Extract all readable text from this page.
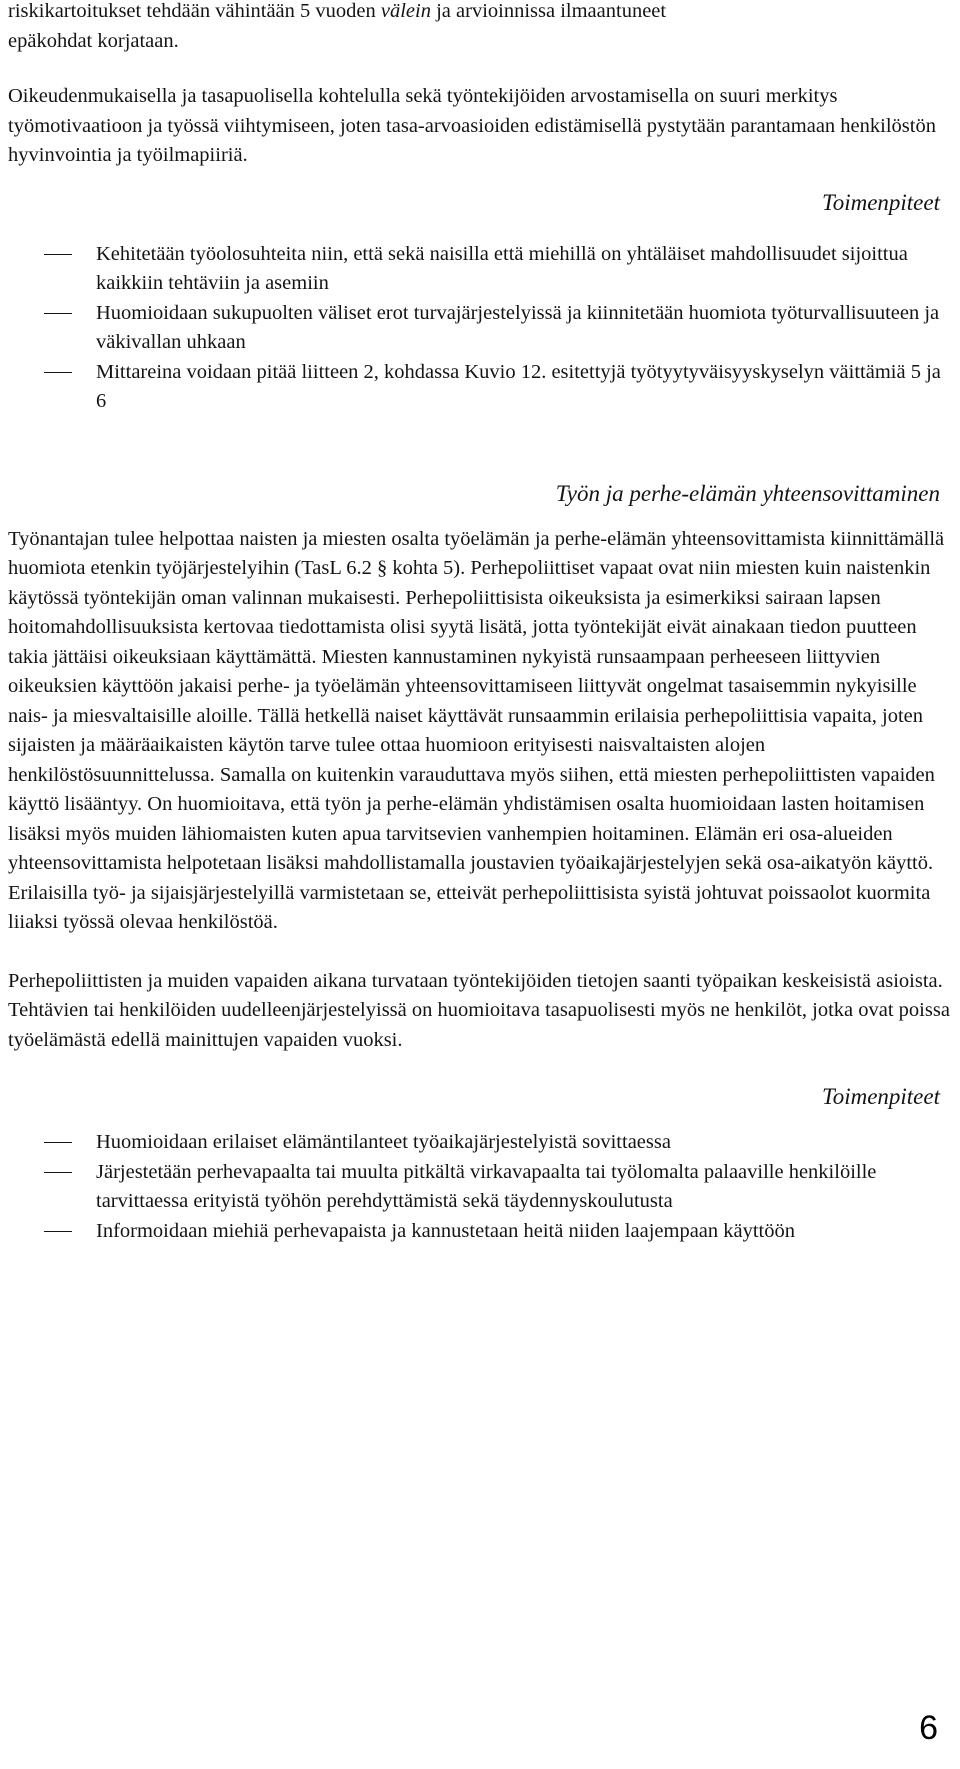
riskikartoitukset tehdään vähintään 5 vuoden välein ja arvioinnissa ilmaantuneet
epäkohdat korjataan.

Oikeudenmukaisella ja tasapuolisella kohtelulla sekä työntekijöiden arvostamisella on suuri merkitys työmotivaatioon ja työssä viihtymiseen, joten tasa-arvoasioiden edistämisellä pystytään parantamaan henkilöstön hyvinvointia ja työilmapiiriä.

Toimenpiteet
Kehitetään työolosuhteita niin, että sekä naisilla että miehillä on yhtäläiset mahdollisuudet sijoittua kaikkiin tehtäviin ja asemiin
Huomioidaan sukupuolten väliset erot turvajärjestelyissä ja kiinnitetään huomiota työturvallisuuteen ja väkivallan uhkaan
Mittareina voidaan pitää liitteen 2, kohdassa Kuvio 12. esitettyjä työtyytyväisyyskyselyn väittämiä 5 ja 6
Työn ja perhe-elämän yhteensovittaminen

Työnantajan tulee helpottaa naisten ja miesten osalta työelämän ja perhe-elämän yhteensovittamista kiinnittämällä huomiota etenkin työjärjestelyihin (TasL 6.2 § kohta 5). Perhepoliittiset vapaat ovat niin miesten kuin naistenkin käytössä työntekijän oman valinnan mukaisesti. Perhepoliittisista oikeuksista ja esimerkiksi sairaan lapsen hoitomahdollisuuksista kertovaa tiedottamista olisi syytä lisätä, jotta työntekijät eivät ainakaan tiedon puutteen takia jättäisi oikeuksiaan käyttämättä. Miesten kannustaminen nykyistä runsaampaan perheeseen liittyvien oikeuksien käyttöön jakaisi perhe- ja työelämän yhteensovittamiseen liittyvät ongelmat tasaisemmin nykyisille nais- ja miesvaltaisille aloille. Tällä hetkellä naiset käyttävät runsaammin erilaisia perhepoliittisia vapaita, joten sijaisten ja määräaikaisten käytön tarve tulee ottaa huomioon erityisesti naisvaltaisten alojen henkilöstösuunnittelussa. Samalla on kuitenkin varauduttava myös siihen, että miesten perhepoliittisten vapaiden käyttö lisääntyy. On huomioitava, että työn ja perhe-elämän yhdistämisen osalta huomioidaan lasten hoitamisen lisäksi myös muiden lähiomaisten kuten apua tarvitsevien vanhempien hoitaminen. Elämän eri osa-alueiden yhteensovittamista helpotetaan lisäksi mahdollistamalla joustavien työaikajärjestelyjen sekä osa-aikatyön käyttö. Erilaisilla työ- ja sijaisjärjestelyillä varmistetaan se, etteivät perhepoliittisista syistä johtuvat poissaolot kuormita liiaksi työssä olevaa henkilöstöä.

Perhepoliittisten ja muiden vapaiden aikana turvataan työntekijöiden tietojen saanti työpaikan keskeisistä asioista. Tehtävien tai henkilöiden uudelleenjärjestelyissä on huomioitava tasapuolisesti myös ne henkilöt, jotka ovat poissa työelämästä edellä mainittujen vapaiden vuoksi.

Toimenpiteet
Huomioidaan erilaiset elämäntilanteet työaikajärjestelyistä sovittaessa
Järjestetään perhevapaalta tai muulta pitkältä virkavapaalta tai työlomalta palaaville henkilöille tarvittaessa erityistä työhön perehdyttämistä sekä täydennyskoulutusta
Informoidaan miehiä perhevapaista ja kannustetaan heitä niiden laajempaan käyttöön
6
